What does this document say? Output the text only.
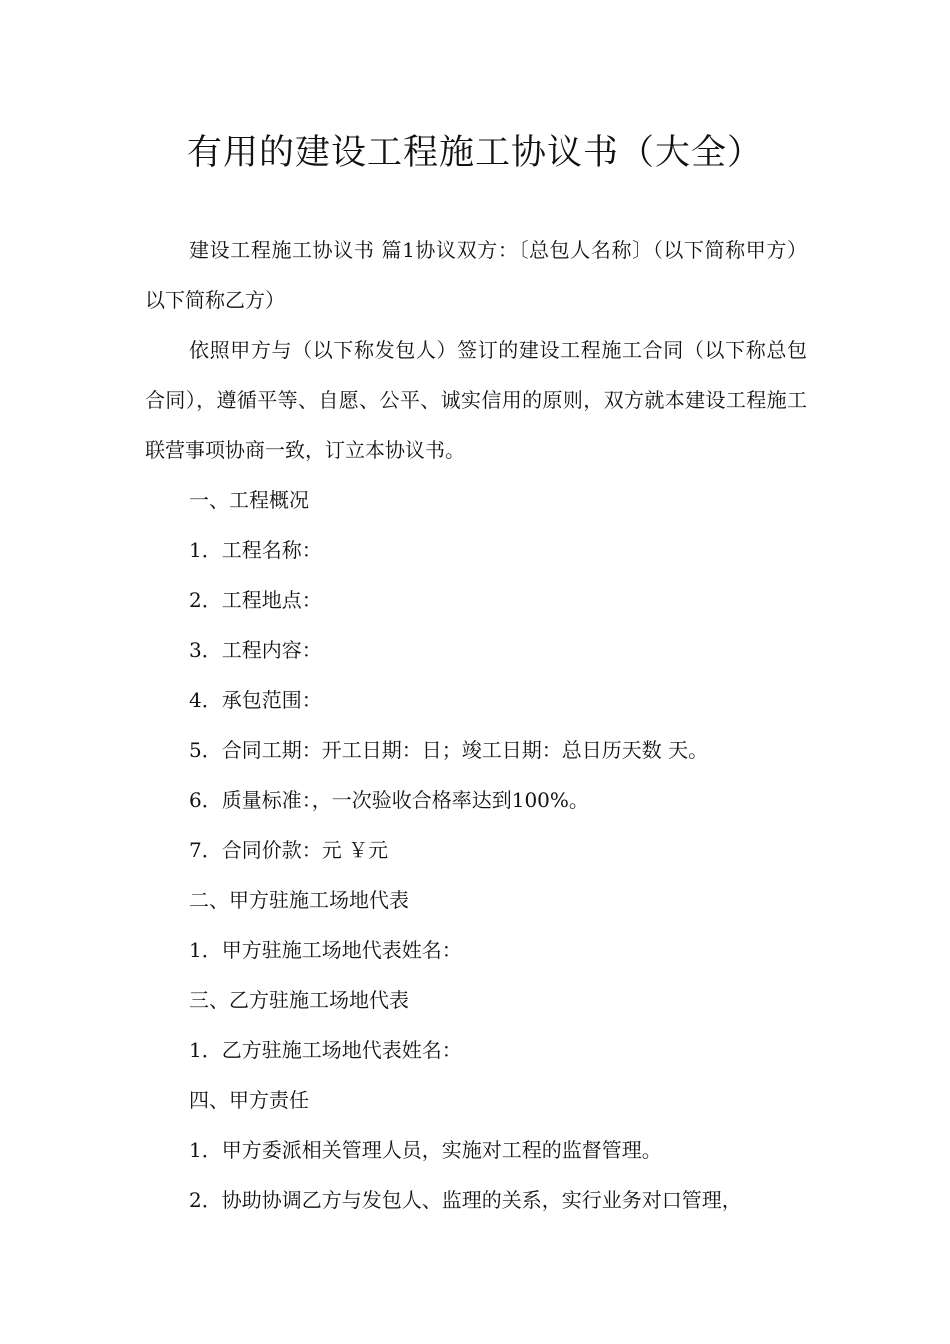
有用的建设工程施工协议书（大全）

建设工程施工协议书 篇1协议双方：〔总包人名称〕（以下简称甲方）以下简称乙方）

依照甲方与（以下称发包人）签订的建设工程施工合同（以下称总包合同），遵循平等、自愿、公平、诚实信用的原则，双方就本建设工程施工联营事项协商一致，订立本协议书。

一、工程概况

1．工程名称：

2．工程地点：

3．工程内容：

4．承包范围：

5．合同工期：开工日期：日；竣工日期：总日历天数 天。

6．质量标准：，一次验收合格率达到100%。

7．合同价款：元 ￥元

二、甲方驻施工场地代表

1．甲方驻施工场地代表姓名：

三、乙方驻施工场地代表

1．乙方驻施工场地代表姓名：

四、甲方责任

1．甲方委派相关管理人员，实施对工程的监督管理。

2．协助协调乙方与发包人、监理的关系，实行业务对口管理，
